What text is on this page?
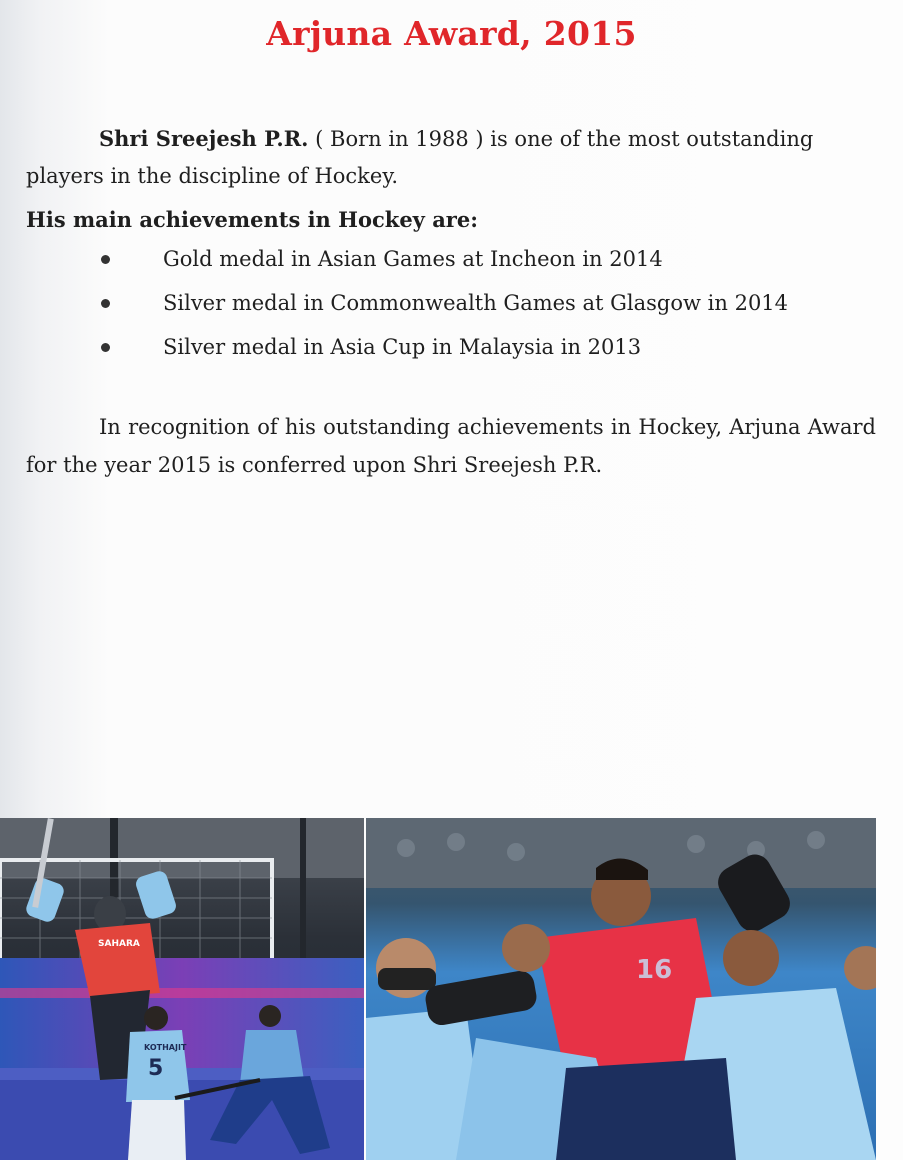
Arjuna Award, 2015

Shri Sreejesh P.R. ( Born in 1988 ) is one of the most outstanding players in the discipline of Hockey.

His main achievements in Hockey are:
Gold medal in Asian Games at Incheon in 2014
Silver medal in Commonwealth Games at Glasgow in 2014
Silver medal in Asia Cup in Malaysia in 2013

In recognition of his outstanding achievements in Hockey, Arjuna Award for the year 2015 is conferred upon Shri Sreejesh P.R.

SAHARA
KOTHAJIT
5
16
